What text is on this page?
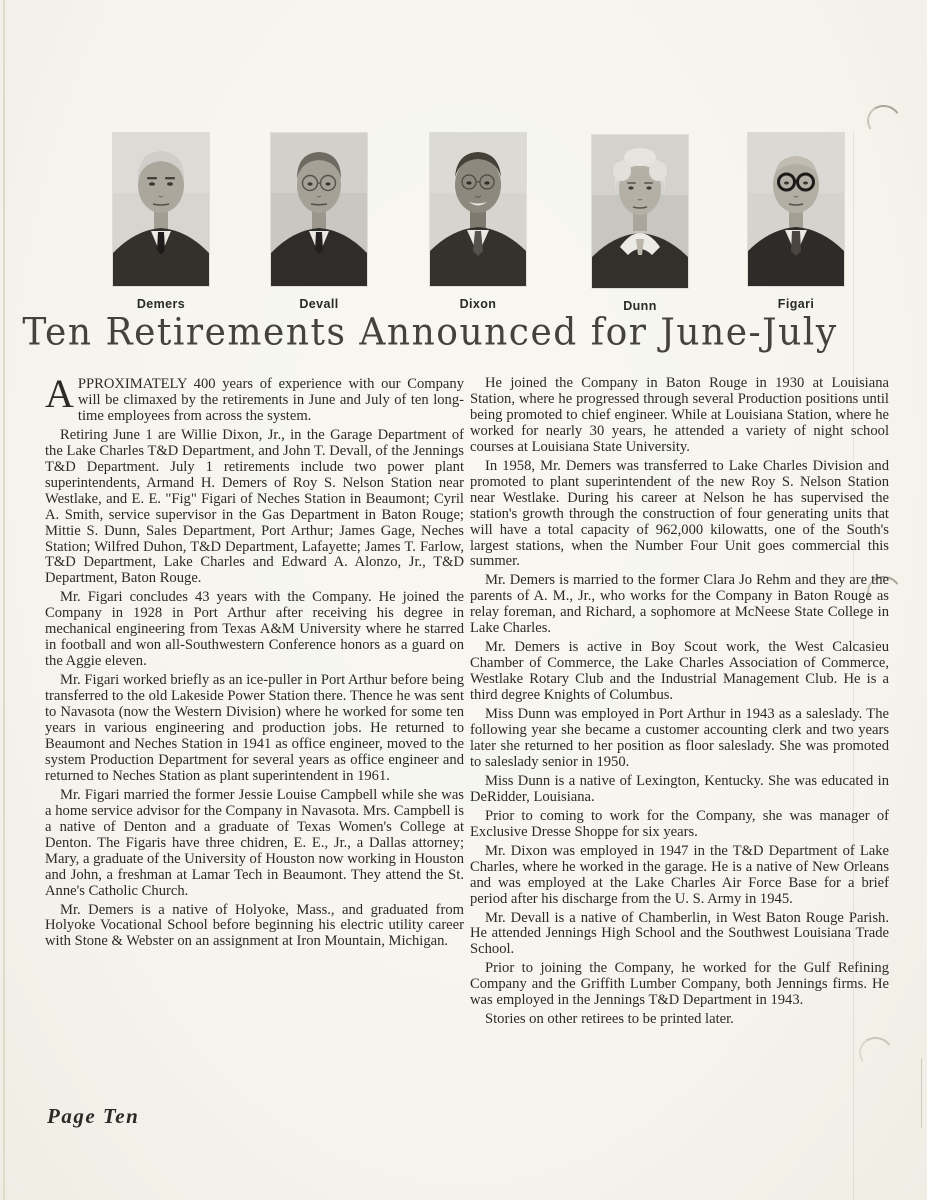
Demers	Devall	Dixon	Dunn	Figari
Ten Retirements Announced for June-July

APPROXIMATELY 400 years of experience with our Company will be climaxed by the retirements in June and July of ten long-time employees from across the system.

Retiring June 1 are Willie Dixon, Jr., in the Garage Department of the Lake Charles T&D Department, and John T. Devall, of the Jennings T&D Department. July 1 retirements include two power plant superintendents, Armand H. Demers of Roy S. Nelson Station near Westlake, and E. E. "Fig" Figari of Neches Station in Beaumont; Cyril A. Smith, service supervisor in the Gas Department in Baton Rouge; Mittie S. Dunn, Sales Department, Port Arthur; James Gage, Neches Station; Wilfred Duhon, T&D Department, Lafayette; James T. Farlow, T&D Department, Lake Charles and Edward A. Alonzo, Jr., T&D Department, Baton Rouge.

Mr. Figari concludes 43 years with the Company. He joined the Company in 1928 in Port Arthur after receiving his degree in mechanical engineering from Texas A&M University where he starred in football and won all-Southwestern Conference honors as a guard on the Aggie eleven.

Mr. Figari worked briefly as an ice-puller in Port Arthur before being transferred to the old Lakeside Power Station there. Thence he was sent to Navasota (now the Western Division) where he worked for some ten years in various engineering and production jobs. He returned to Beaumont and Neches Station in 1941 as office engineer, moved to the system Production Department for several years as office engineer and returned to Neches Station as plant superintendent in 1961.

Mr. Figari married the former Jessie Louise Campbell while she was a home service advisor for the Company in Navasota. Mrs. Campbell is a native of Denton and a graduate of Texas Women's College at Denton. The Figaris have three chidren, E. E., Jr., a Dallas attorney; Mary, a graduate of the University of Houston now working in Houston and John, a freshman at Lamar Tech in Beaumont. They attend the St. Anne's Catholic Church.

Mr. Demers is a native of Holyoke, Mass., and graduated from Holyoke Vocational School before beginning his electric utility career with Stone & Webster on an assignment at Iron Mountain, Michigan.

He joined the Company in Baton Rouge in 1930 at Louisiana Station, where he progressed through several Production positions until being promoted to chief engineer. While at Louisiana Station, where he worked for nearly 30 years, he attended a variety of night school courses at Louisiana State University.

In 1958, Mr. Demers was transferred to Lake Charles Division and promoted to plant superintendent of the new Roy S. Nelson Station near Westlake. During his career at Nelson he has supervised the station's growth through the construction of four generating units that will have a total capacity of 962,000 kilowatts, one of the South's largest stations, when the Number Four Unit goes commercial this summer.

Mr. Demers is married to the former Clara Jo Rehm and they are the parents of A. M., Jr., who works for the Company in Baton Rouge as relay foreman, and Richard, a sophomore at McNeese State College in Lake Charles.

Mr. Demers is active in Boy Scout work, the West Calcasieu Chamber of Commerce, the Lake Charles Association of Commerce, Westlake Rotary Club and the Industrial Management Club. He is a third degree Knights of Columbus.

Miss Dunn was employed in Port Arthur in 1943 as a saleslady. The following year she became a customer accounting clerk and two years later she returned to her position as floor saleslady. She was promoted to saleslady senior in 1950.

Miss Dunn is a native of Lexington, Kentucky. She was educated in DeRidder, Louisiana.

Prior to coming to work for the Company, she was manager of Exclusive Dresse Shoppe for six years.

Mr. Dixon was employed in 1947 in the T&D Department of Lake Charles, where he worked in the garage. He is a native of New Orleans and was employed at the Lake Charles Air Force Base for a brief period after his discharge from the U. S. Army in 1945.

Mr. Devall is a native of Chamberlin, in West Baton Rouge Parish. He attended Jennings High School and the Southwest Louisiana Trade School.

Prior to joining the Company, he worked for the Gulf Refining Company and the Griffith Lumber Company, both Jennings firms. He was employed in the Jennings T&D Department in 1943.

Stories on other retirees to be printed later.

Page Ten
